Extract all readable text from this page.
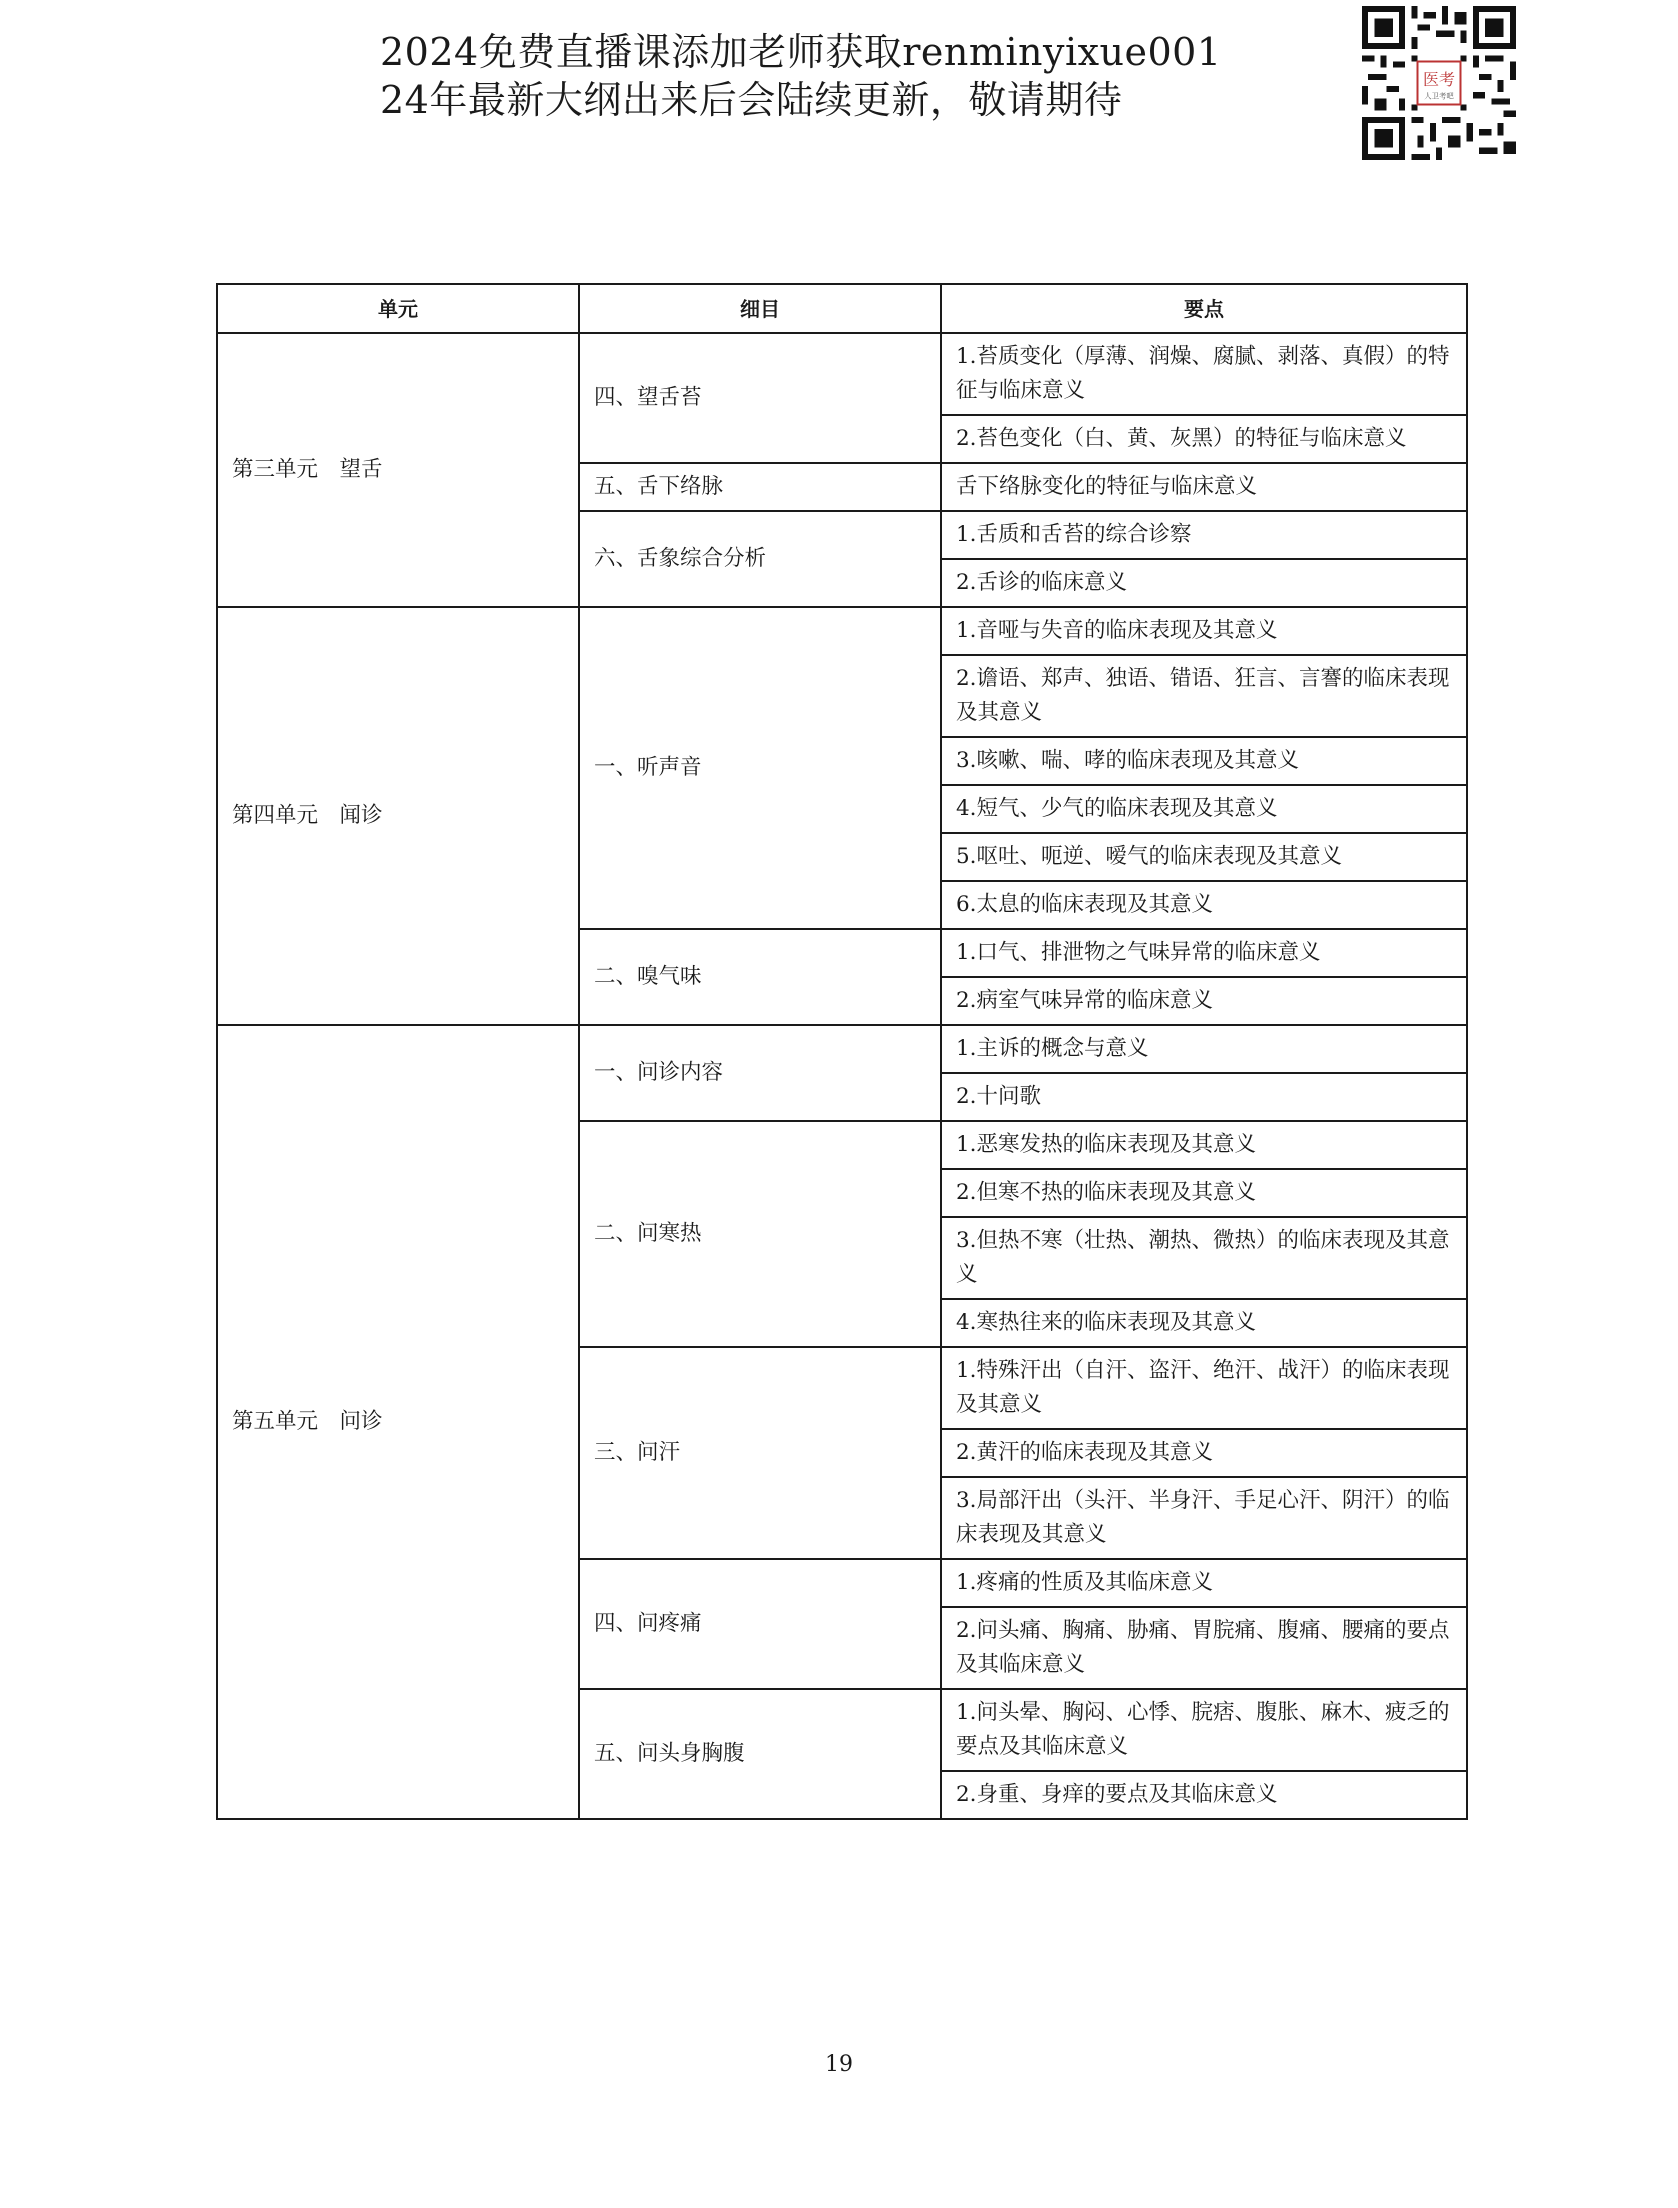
2024免费直播课添加老师获取renminyixue001
24年最新大纲出来后会陆续更新，敬请期待	医考
人卫考吧
单元	细目	要点
第三单元　望舌	四、望舌苔	1.苔质变化（厚薄、润燥、腐腻、剥落、真假）的特征与临床意义
		2.苔色变化（白、黄、灰黑）的特征与临床意义
	五、舌下络脉	舌下络脉变化的特征与临床意义
	六、舌象综合分析	1.舌质和舌苔的综合诊察
		2.舌诊的临床意义
第四单元　闻诊	一、听声音	1.音哑与失音的临床表现及其意义
		2.谵语、郑声、独语、错语、狂言、言謇的临床表现及其意义
		3.咳嗽、喘、哮的临床表现及其意义
		4.短气、少气的临床表现及其意义
		5.呕吐、呃逆、嗳气的临床表现及其意义
		6.太息的临床表现及其意义
	二、嗅气味	1.口气、排泄物之气味异常的临床意义
		2.病室气味异常的临床意义
第五单元　问诊	一、问诊内容	1.主诉的概念与意义
		2.十问歌
	二、问寒热	1.恶寒发热的临床表现及其意义
		2.但寒不热的临床表现及其意义
		3.但热不寒（壮热、潮热、微热）的临床表现及其意义
		4.寒热往来的临床表现及其意义
	三、问汗	1.特殊汗出（自汗、盗汗、绝汗、战汗）的临床表现及其意义
		2.黄汗的临床表现及其意义
		3.局部汗出（头汗、半身汗、手足心汗、阴汗）的临床表现及其意义
	四、问疼痛	1.疼痛的性质及其临床意义
		2.问头痛、胸痛、胁痛、胃脘痛、腹痛、腰痛的要点及其临床意义
	五、问头身胸腹	1.问头晕、胸闷、心悸、脘痞、腹胀、麻木、疲乏的要点及其临床意义
		2.身重、身痒的要点及其临床意义
19
